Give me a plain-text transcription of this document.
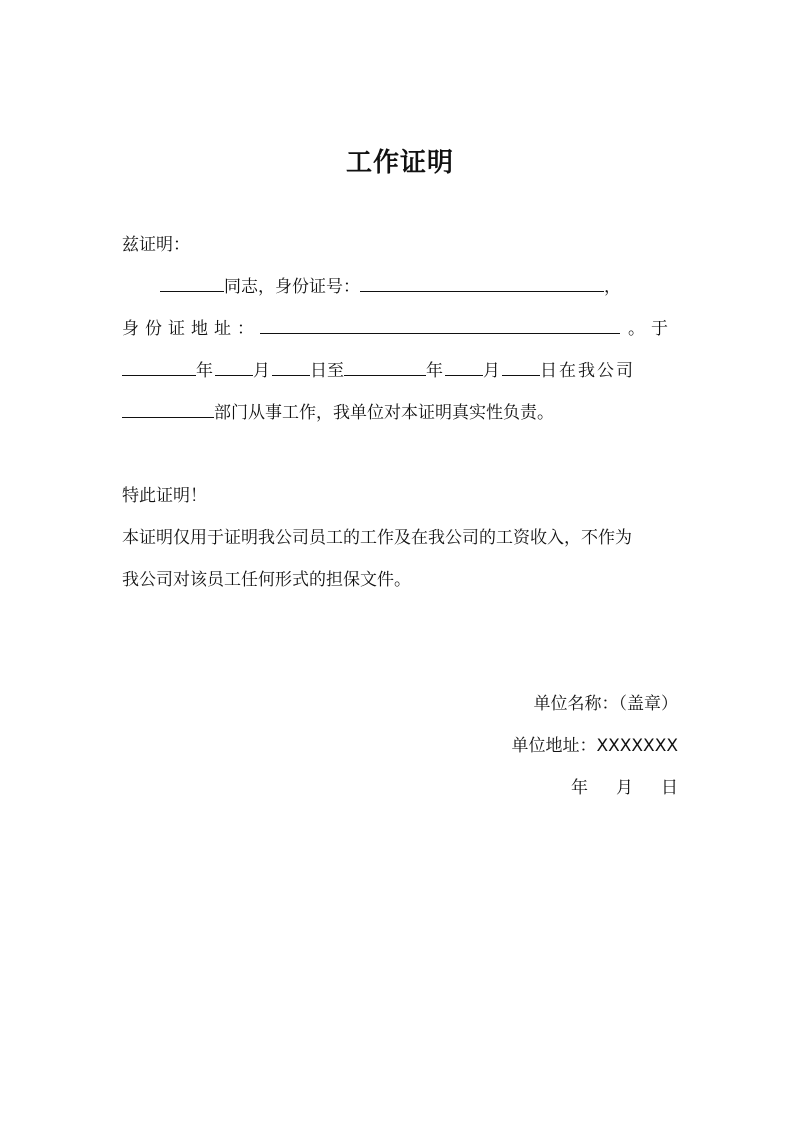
工作证明
兹证明：
同志，身份证号：	，
身份证地址：	。于
年 月 日至	年 月 日在我公司
部门从事工作，我单位对本证明真实性负责。
特此证明！
本证明仅用于证明我公司员工的工作及在我公司的工资收入，不作为
我公司对该员工任何形式的担保文件。
单位名称：（盖章）
单位地址：XXXXXXX
年 月 日
